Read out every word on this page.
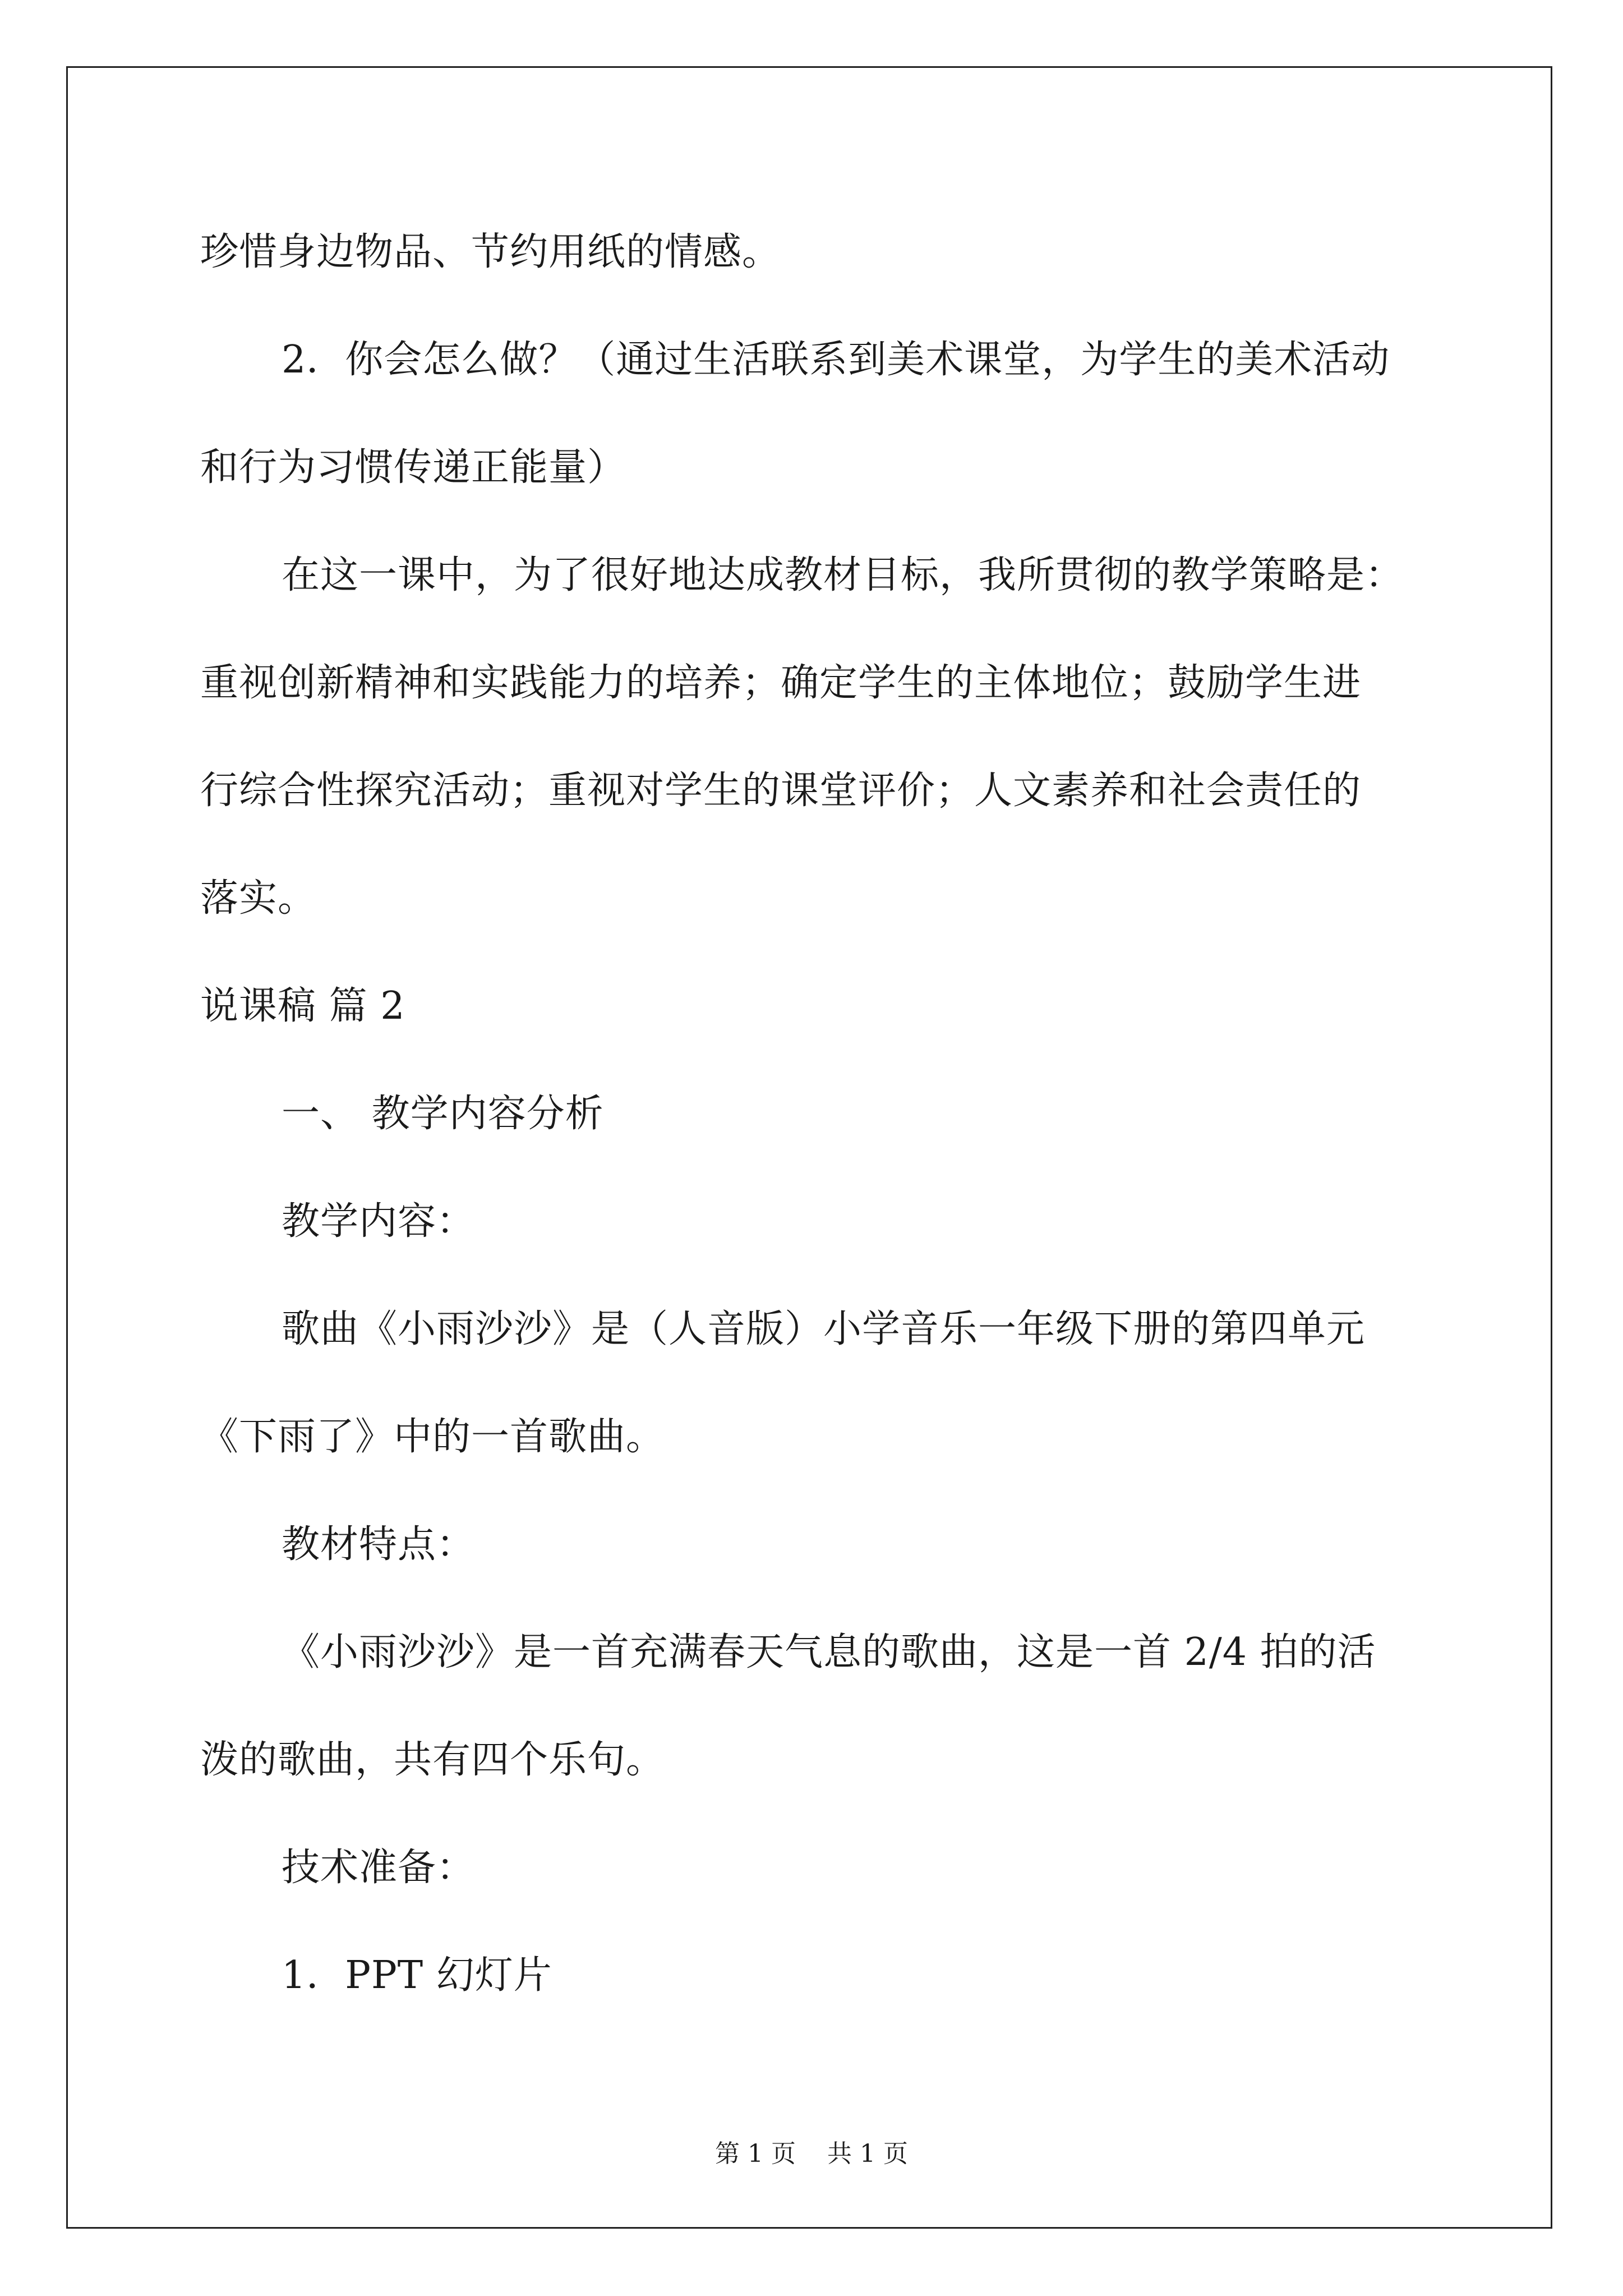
珍惜身边物品、节约用纸的情感。
2．你会怎么做？（通过生活联系到美术课堂，为学生的美术活动
和行为习惯传递正能量）
在这一课中，为了很好地达成教材目标，我所贯彻的教学策略是：
重视创新精神和实践能力的培养；确定学生的主体地位；鼓励学生进
行综合性探究活动；重视对学生的课堂评价；人文素养和社会责任的
落实。
说课稿 篇 2
一、 教学内容分析
教学内容：
歌曲《小雨沙沙》是（人音版）小学音乐一年级下册的第四单元
《下雨了》中的一首歌曲。
教材特点：
《小雨沙沙》是一首充满春天气息的歌曲，这是一首 2/4 拍的活
泼的歌曲，共有四个乐句。
技术准备：
1．PPT 幻灯片
第 1 页 共 1 页
